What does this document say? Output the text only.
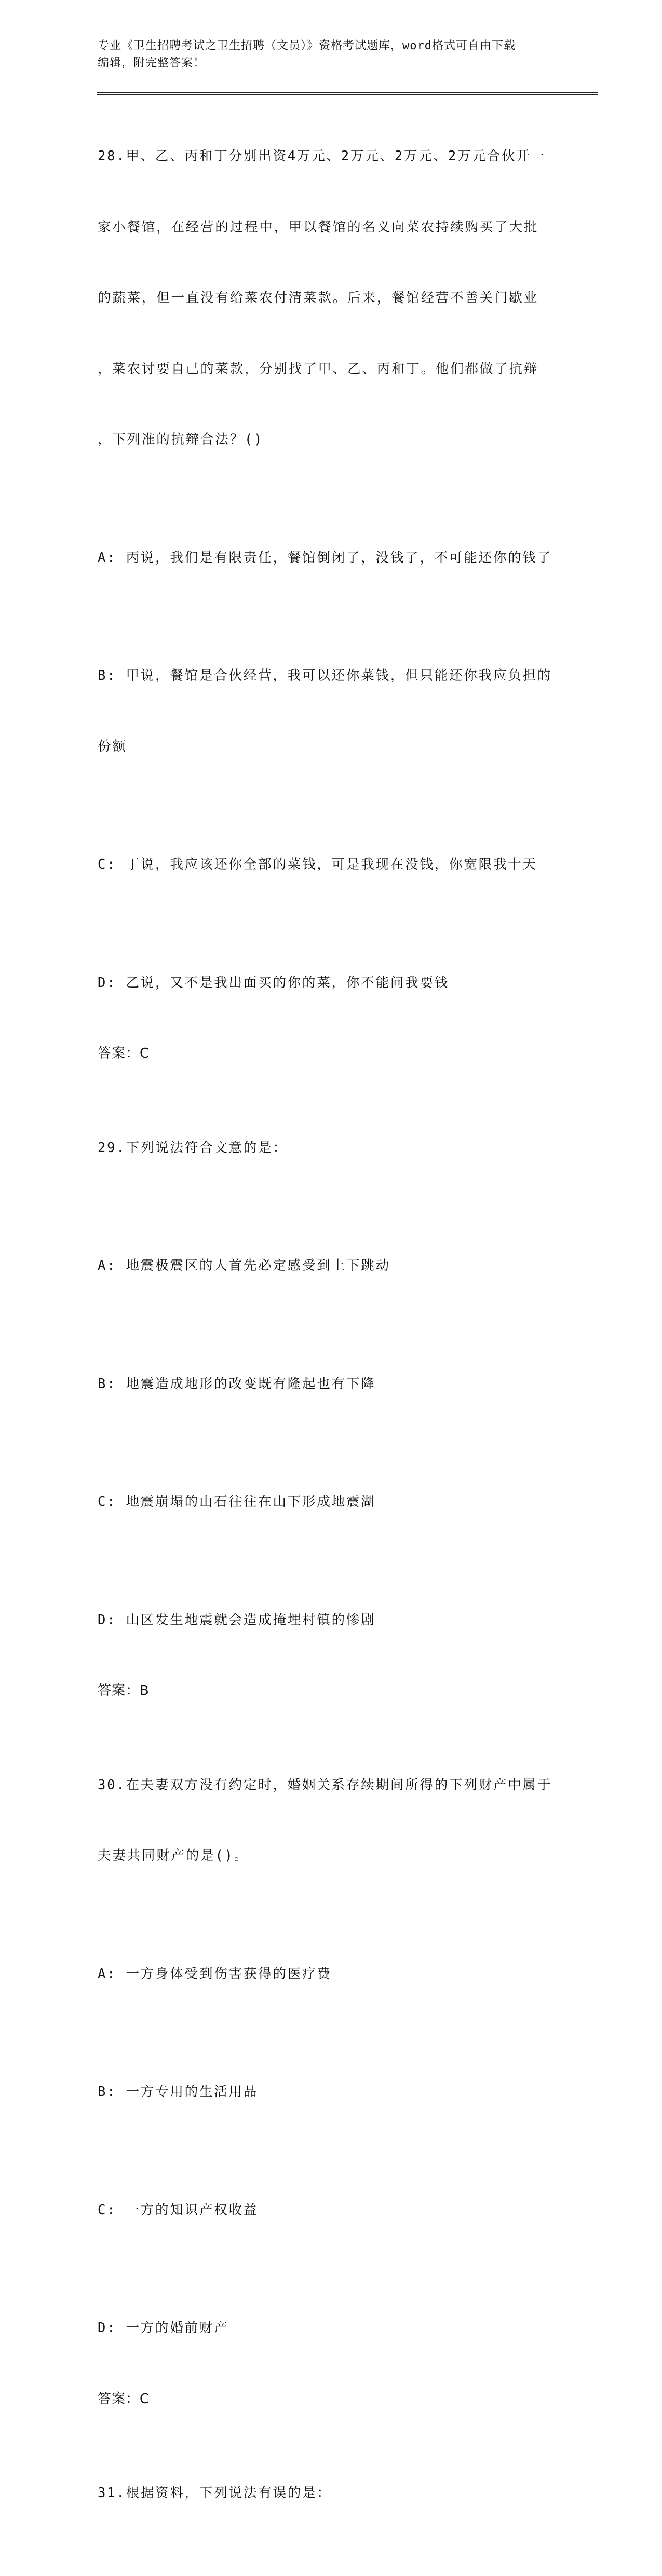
专业《卫生招聘考试之卫生招聘（文员）》资格考试题库，word格式可自由下载
编辑，附完整答案！

28.甲、乙、丙和丁分别出资4万元、2万元、2万元、2万元合伙开一

家小餐馆，在经营的过程中，甲以餐馆的名义向菜农持续购买了大批

的蔬菜，但一直没有给菜农付清菜款。后来，餐馆经营不善关门歇业

，菜农讨要自己的菜款，分别找了甲、乙、丙和丁。他们都做了抗辩

，下列准的抗辩合法？()

A: 丙说，我们是有限责任，餐馆倒闭了，没钱了，不可能还你的钱了

B: 甲说，餐馆是合伙经营，我可以还你菜钱，但只能还你我应负担的

份额

C: 丁说，我应该还你全部的菜钱，可是我现在没钱，你宽限我十天

D: 乙说，又不是我出面买的你的菜，你不能问我要钱

答案：C

29.下列说法符合文意的是：

A: 地震极震区的人首先必定感受到上下跳动

B: 地震造成地形的改变既有隆起也有下降

C: 地震崩塌的山石往往在山下形成地震湖

D: 山区发生地震就会造成掩埋村镇的惨剧

答案：B

30.在夫妻双方没有约定时，婚姻关系存续期间所得的下列财产中属于

夫妻共同财产的是()。

A: 一方身体受到伤害获得的医疗费

B: 一方专用的生活用品

C: 一方的知识产权收益

D: 一方的婚前财产

答案：C

31.根据资料，下列说法有误的是：
